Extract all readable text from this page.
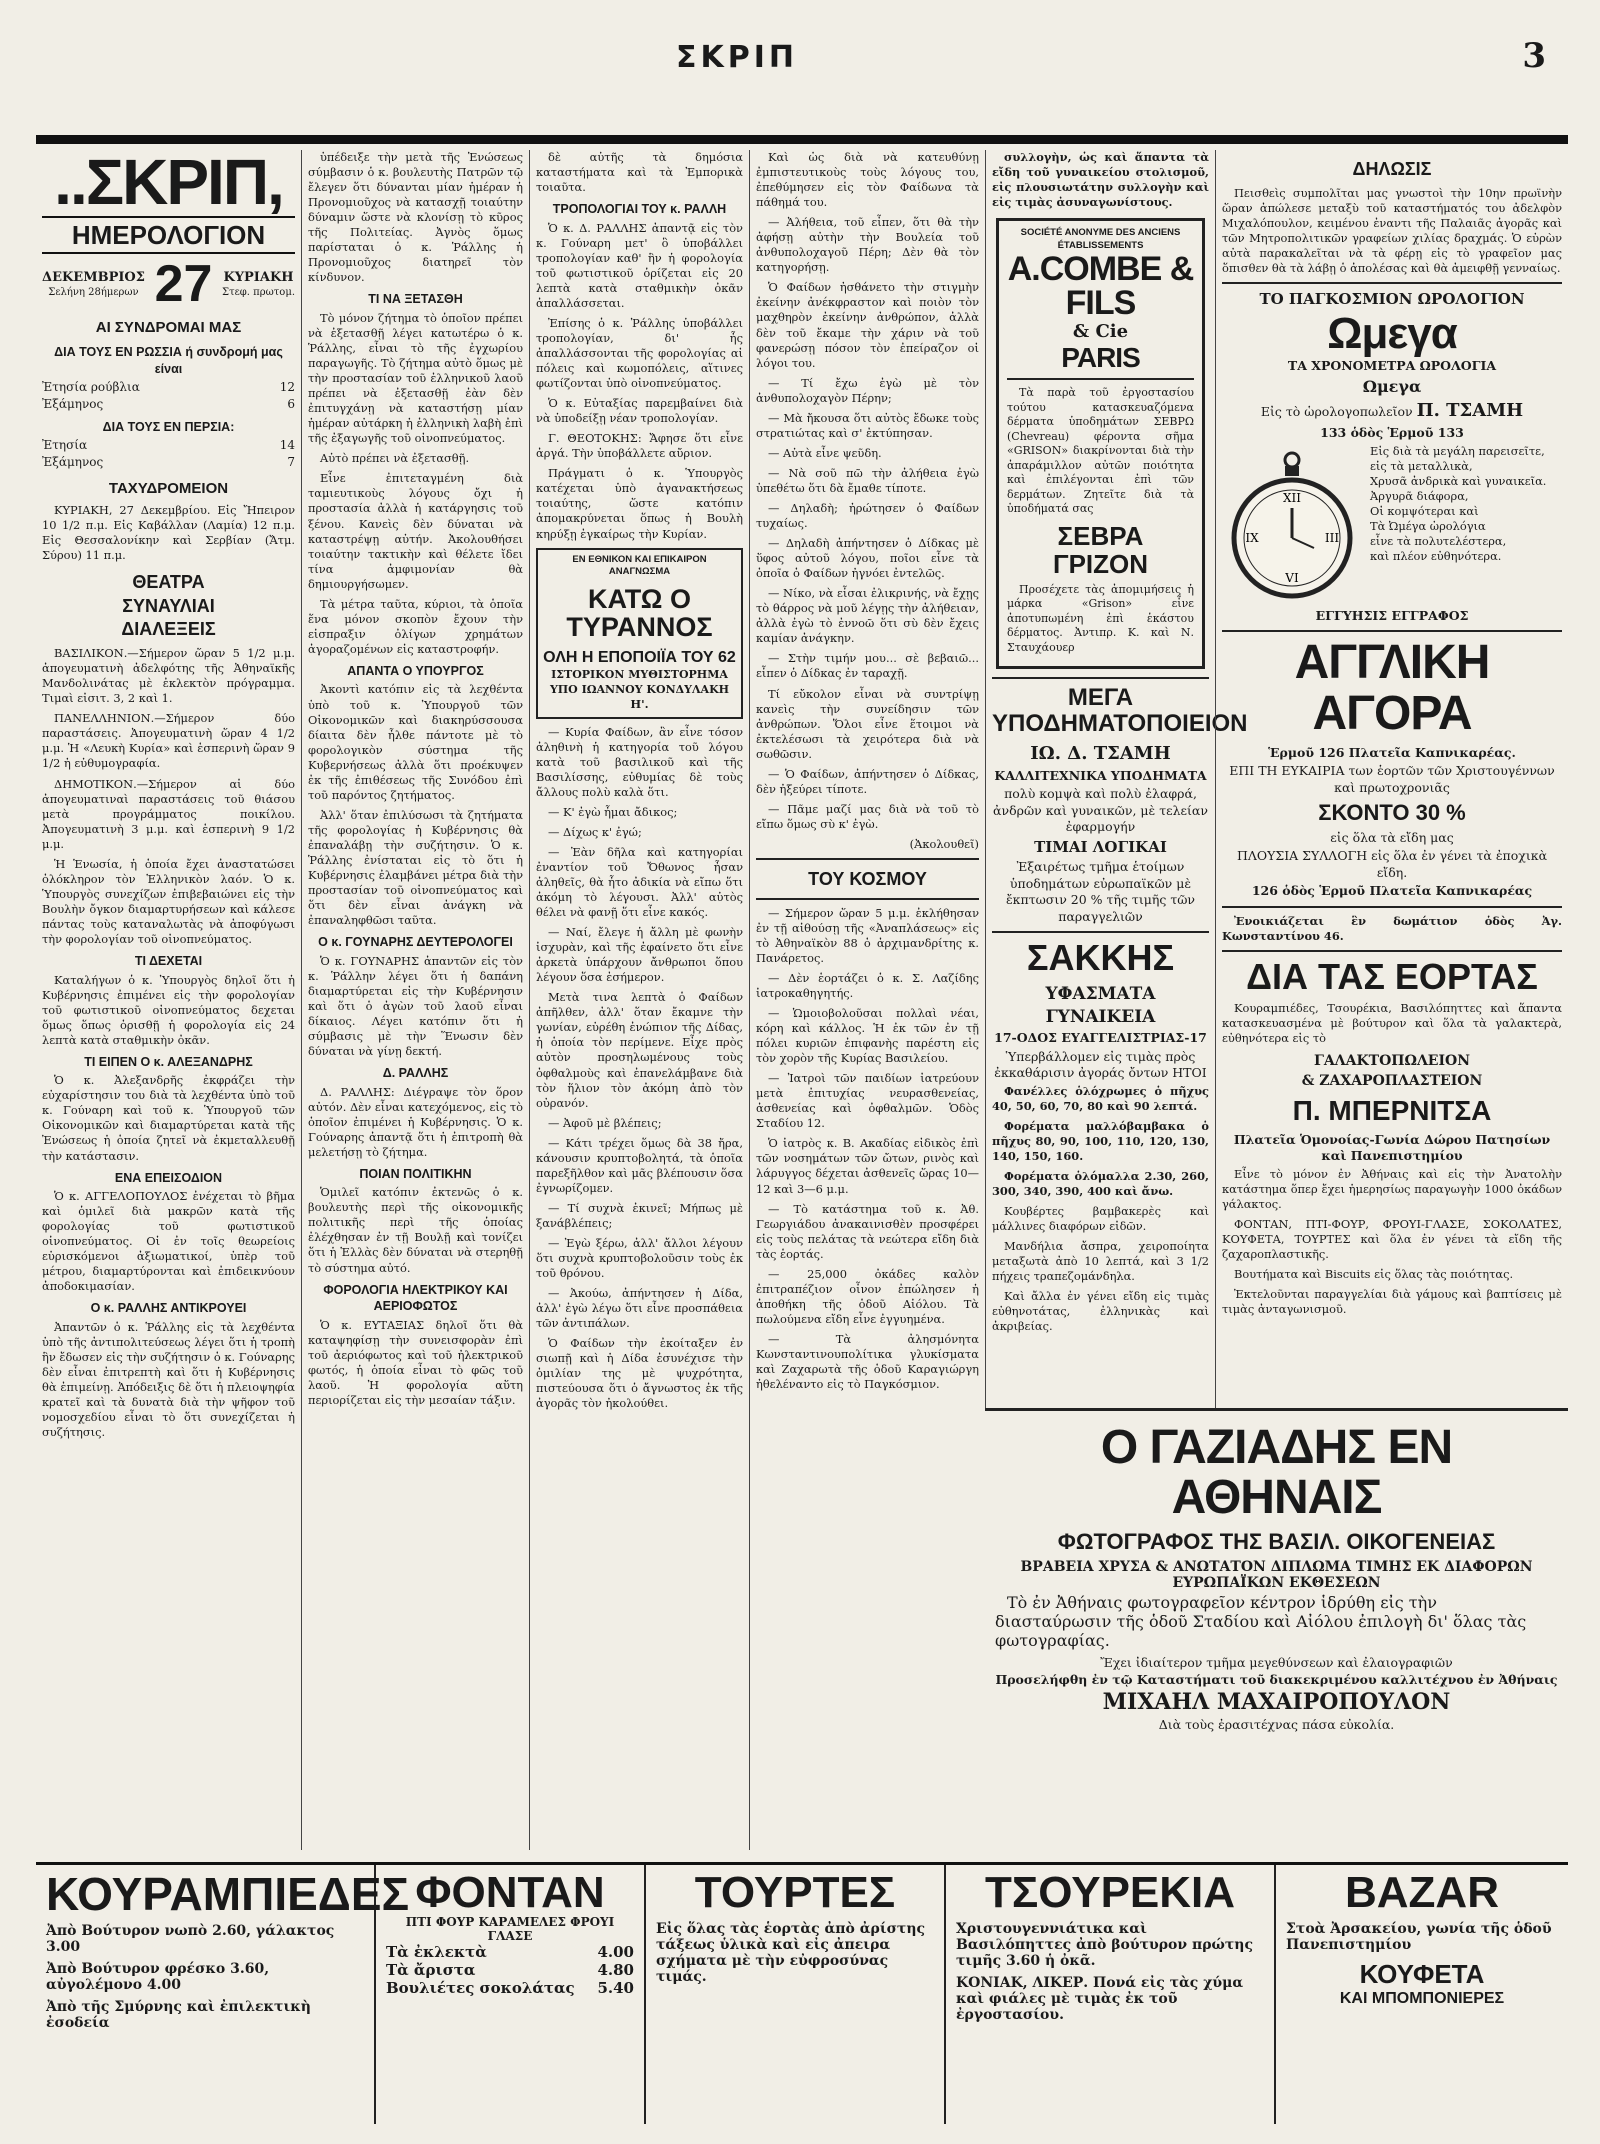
ΣΚΡΙΠ	3
..ΣΚΡΙΠ,
ΗΜΕΡΟΛΟΓΙΟΝ
ΔΕΚΕΜΒΡΙΟΣ
Σελήνη 28ήμερων 27 ΚΥΡΙΑΚΗ
Στεφ. πρωτομ.
ΑΙ ΣΥΝΔΡΟΜΑΙ ΜΑΣ
ΔΙΑ ΤΟΥΣ ΕΝ ΡΩΣΣΙΑ ή συνδρομή μας είναι
Ἐτησία ρούβλια	12
Ἐξάμηνος	6
ΔΙΑ ΤΟΥΣ ΕΝ ΠΕΡΣΙΑ:
Ἐτησία	14
Ἐξάμηνος	7
ΤΑΧΥΔΡΟΜΕΙΟΝ

ΚΥΡΙΑΚΗ, 27 Δεκεμβρίου. Εἰς Ἤπειρον 10 1/2 π.μ. Εἰς Καβάλλαν (Λαμία) 12 π.μ. Εἰς Θεσσαλονίκην καὶ Σερβίαν (Ἄτμ. Σύρου) 11 π.μ.

ΘΕΑΤΡΑ
ΣΥΝΑΥΛΙΑΙ
ΔΙΑΛΕΞΕΙΣ

ΒΑΣΙΛΙΚΟΝ.—Σήμερον ὥραν 5 1/2 μ.μ. ἀπογευματινὴ ἀδελφότης τῆς Ἀθηναϊκῆς Μανδολινάτας μὲ ἐκλεκτὸν πρόγραμμα. Τιμαὶ εἰσιτ. 3, 2 καὶ 1.

ΠΑΝΕΛΛΗΝΙΟΝ.—Σήμερον δύο παραστάσεις. Ἀπογευματινὴ ὥραν 4 1/2 μ.μ. Ἡ «Λευκὴ Κυρία» καὶ ἑσπερινὴ ὥραν 9 1/2 ἡ εὐθυμογραφία.

ΔΗΜΟΤΙΚΟΝ.—Σήμερον αἱ δύο ἀπογευματιναὶ παραστάσεις τοῦ θιάσου μετὰ προγράμματος ποικίλου. Ἀπογευματινὴ 3 μ.μ. καὶ ἑσπερινὴ 9 1/2 μ.μ.

Ἡ Ἑνωσία, ἡ ὁποία ἔχει ἀναστατώσει ὁλόκληρον τὸν Ἑλληνικὸν λαόν. Ὁ κ. Ὑπουργὸς συνεχίζων ἐπιβεβαιώνει εἰς τὴν Βουλὴν ὄγκον διαμαρτυρήσεων καὶ κάλεσε πάντας τοὺς καταναλωτὰς νὰ ἀποφύγωσι τὴν φορολογίαν τοῦ οἰνοπνεύματος.

ΤΙ ΔΕΧΕΤΑΙ

Καταλήγων ὁ κ. Ὑπουργὸς δηλοῖ ὅτι ἡ Κυβέρνησις ἐπιμένει εἰς τὴν φορολογίαν τοῦ φωτιστικοῦ οἰνοπνεύματος δεχεται ὅμως ὅπως ὁρισθῇ ἡ φορολογία εἰς 24 λεπτὰ κατὰ σταθμικὴν ὀκᾶν.

ΤΙ ΕΙΠΕΝ Ο κ. ΑΛΕΞΑΝΔΡΗΣ

Ὁ κ. Ἀλεξανδρῆς ἐκφράζει τὴν εὐχαρίστησιν του διὰ τὰ λεχθέντα ὑπὸ τοῦ κ. Γούναρη καὶ τοῦ κ. Ὑπουργοῦ τῶν Οἰκονομικῶν καὶ διαμαρτύρεται κατὰ τῆς Ἐνώσεως ἡ ὁποία ζητεῖ νὰ ἐκμεταλλευθῇ τὴν κατάστασιν.

ΕΝΑ ΕΠΕΙΣΟΔΙΟΝ

Ὁ κ. ΑΓΓΕΛΟΠΟΥΛΟΣ ἐνέχεται τὸ βῆμα καὶ ὁμιλεῖ διὰ μακρῶν κατὰ τῆς φορολογίας τοῦ φωτιστικοῦ οἰνοπνεύματος. Οἱ ἐν τοῖς θεωρείοις εὑρισκόμενοι ἀξιωματικοί, ὑπὲρ τοῦ μέτρου, διαμαρτύρονται καὶ ἐπιδεικνύουν ἀποδοκιμασίαν.

Ο κ. ΡΑΛΛΗΣ ΑΝΤΙΚΡΟΥΕΙ

Ἀπαντῶν ὁ κ. Ῥάλλης εἰς τὰ λεχθέντα ὑπὸ τῆς ἀντιπολιτεύσεως λέγει ὅτι ἡ τροπὴ ἣν ἔδωσεν εἰς τὴν συζήτησιν ὁ κ. Γούναρης δὲν εἶναι ἐπιτρεπτὴ καὶ ὅτι ἡ Κυβέρνησις θὰ ἐπιμείνῃ. Ἀπόδειξις δὲ ὅτι ἡ πλειοψηφία κρατεῖ καὶ τὰ δυνατὰ διὰ τὴν ψῆφον τοῦ νομοσχεδίου εἶναι τὸ ὅτι συνεχίζεται ἡ συζήτησις.

ὑπέδειξε τὴν μετὰ τῆς Ἑνώσεως σύμβασιν ὁ κ. βουλευτὴς Πατρῶν τῷ ἔλεγεν ὅτι δύνανται μίαν ἡμέραν ἡ Προνομιοῦχος νὰ κατασχῇ τοιαύτην δύναμιν ὥστε νὰ κλονίσῃ τὸ κῦρος τῆς Πολιτείας. Ἀγνὸς ὅμως παρίσταται ὁ κ. Ῥάλλης ἡ Προνομιοῦχος διατηρεῖ τὸν κίνδυνον.

ΤΙ ΝΑ ΞΕΤΑΣΘΗ

Τὸ μόνον ζήτημα τὸ ὁποῖον πρέπει νὰ ἐξετασθῇ λέγει κατωτέρω ὁ κ. Ῥάλλης, εἶναι τὸ τῆς ἐγχωρίου παραγωγῆς. Τὸ ζήτημα αὐτὸ ὅμως μὲ τὴν προστασίαν τοῦ ἐλληνικοῦ λαοῦ πρέπει νὰ ἐξετασθῇ ἐὰν δὲν ἐπιτυγχάνῃ νὰ καταστήσῃ μίαν ἡμέραν αὐτάρκη ἡ ἑλληνικὴ λαβὴ ἐπὶ τῆς ἐξαγωγῆς τοῦ οἰνοπνεύματος.

Αὐτὸ πρέπει νὰ ἐξετασθῇ.

Εἶνε ἐπιτεταγμένη διὰ ταμιευτικοὺς λόγους ὄχι ἡ προστασία ἀλλὰ ἡ κατάργησις τοῦ ξένου. Κανεὶς δὲν δύναται νὰ καταστρέψῃ αὐτήν. Ἀκολουθήσει τοιαύτην τακτικὴν καὶ θέλετε ἴδει τίνα ἀμφιμονίαν θὰ δημιουργήσωμεν.

Τὰ μέτρα ταῦτα, κύριοι, τὰ ὁποῖα ἕνα μόνον σκοπὸν ἔχουν τὴν εἰσπραξιν ὀλίγων χρημάτων ἀγοραζομένων εἰς καταστροφήν.

ΑΠΑΝΤΑ Ο ΥΠΟΥΡΓΟΣ

Ἀκοντὶ κατόπιν εἰς τὰ λεχθέντα ὑπὸ τοῦ κ. Ὑπουργοῦ τῶν Οἰκονομικῶν καὶ διακηρύσσουσα δίαιτα δὲν ἦλθε πάντοτε μὲ τὸ φορολογικὸν σύστημα τῆς Κυβερνήσεως ἀλλὰ ὅτι προέκυψεν ἐκ τῆς ἐπιθέσεως τῆς Συνόδου ἐπὶ τοῦ παρόντος ζητήματος.

Ἀλλ' ὅταν ἐπιλύσωσι τὰ ζητήματα τῆς φορολογίας ἡ Κυβέρνησις θὰ ἐπαναλάβῃ τὴν συζήτησιν. Ὁ κ. Ῥάλλης ἐνίσταται εἰς τὸ ὅτι ἡ Κυβέρνησις ἐλαμβάνει μέτρα διὰ τὴν προστασίαν τοῦ οἰνοπνεύματος καὶ ὅτι δὲν εἶναι ἀνάγκη νὰ ἐπαναληφθῶσι ταῦτα.

Ο κ. ΓΟΥΝΑΡΗΣ ΔΕΥΤΕΡΟΛΟΓΕΙ

Ὁ κ. ΓΟΥΝΑΡΗΣ ἀπαντῶν εἰς τὸν κ. Ῥάλλην λέγει ὅτι ἡ δαπάνη διαμαρτύρεται εἰς τὴν Κυβέρνησιν καὶ ὅτι ὁ ἀγὼν τοῦ λαοῦ εἶναι δίκαιος. Λέγει κατόπιν ὅτι ἡ σύμβασις μὲ τὴν Ἕνωσιν δὲν δύναται νὰ γίνῃ δεκτή.

Δ. ΡΑΛΛΗΣ

Δ. ΡΑΛΛΗΣ: Διέγραψε τὸν ὅρον αὐτόν. Δὲν εἶναι κατεχόμενος, εἰς τὸ ὁποῖον ἐπιμένει ἡ Κυβέρνησις. Ὁ κ. Γούναρης ἀπαντᾷ ὅτι ἡ ἐπιτροπὴ θὰ μελετήσῃ τὸ ζήτημα.

ΠΟΙΑΝ ΠΟΛΙΤΙΚΗΝ

Ὁμιλεῖ κατόπιν ἐκτενῶς ὁ κ. βουλευτὴς περὶ τῆς οἰκονομικῆς πολιτικῆς περὶ τῆς ὁποίας ἐλέχθησαν ἐν τῇ Βουλῇ καὶ τονίζει ὅτι ἡ Ἑλλὰς δὲν δύναται νὰ στερηθῇ τὸ σύστημα αὐτό.

ΦΟΡΟΛΟΓΙΑ ΗΛΕΚΤΡΙΚΟΥ ΚΑΙ ΑΕΡΙΟΦΩΤΟΣ

Ὁ κ. ΕΥΤΑΞΙΑΣ δηλοῖ ὅτι θὰ καταψηφίσῃ τὴν συνεισφορὰν ἐπὶ τοῦ ἀεριόφωτος καὶ τοῦ ἠλεκτρικοῦ φωτός, ἡ ὁποία εἶναι τὸ φῶς τοῦ λαοῦ. Ἡ φορολογία αὕτη περιορίζεται εἰς τὴν μεσαίαν τάξιν.

δὲ αὐτῆς τὰ δημόσια καταστήματα καὶ τὰ Ἐμπορικὰ τοιαῦτα.

ΤΡΟΠΟΛΟΓΙΑΙ ΤΟΥ κ. ΡΑΛΛΗ

Ὁ κ. Δ. ΡΑΛΛΗΣ ἀπαντᾷ εἰς τὸν κ. Γούναρη μετ' ὃ ὑποβάλλει τροπολογίαν καθ' ἣν ἡ φορολογία τοῦ φωτιστικοῦ ὁρίζεται εἰς 20 λεπτὰ κατὰ σταθμικὴν ὀκᾶν ἀπαλλάσσεται.

Ἐπίσης ὁ κ. Ῥάλλης ὑποβάλλει τροπολογίαν, δι' ἧς ἀπαλλάσσονται τῆς φορολογίας αἱ πόλεις καὶ κωμοπόλεις, αἵτινες φωτίζονται ὑπὸ οἰνοπνεύματος.

Ὁ κ. Εὐταξίας παρεμβαίνει διὰ νὰ ὑποδείξῃ νέαν τροπολογίαν.

Γ. ΘΕΟΤΟΚΗΣ: Ἄφησε ὅτι εἶνε ἀργά. Τὴν ὑποβάλλετε αὔριον.

Πράγματι ὁ κ. Ὑπουργὸς κατέχεται ὑπὸ ἀγανακτήσεως τοιαύτης, ὥστε κατόπιν ἀπομακρύνεται ὅπως ἡ Βουλὴ κηρύξῃ ἐγκαίρως τὴν Κυρίαν.

ΕΝ ΕΘΝΙΚΟΝ ΚΑΙ ΕΠΙΚΑΙΡΟΝ ΑΝΑΓΝΩΣΜΑ
ΚΑΤΩ Ο ΤΥΡΑΝΝΟΣ
ΟΛΗ Η ΕΠΟΠΟΙΪΑ ΤΟΥ 62
ΙΣΤΟΡΙΚΟΝ ΜΥΘΙΣΤΟΡΗΜΑ ΥΠΟ ΙΩΑΝΝΟΥ ΚΟΝΔΥΛΑΚΗ
Η'.

— Κυρία Φαίδων, ἂν εἶνε τόσον ἀληθινὴ ἡ κατηγορία τοῦ λόγου κατὰ τοῦ βασιλικοῦ καὶ τῆς Βασιλίσσης, εὐθυμίας δὲ τοὺς ἄλλους πολὺ καλὰ ὅτι.

— Κ' ἐγὼ ἦμαι ἄδικος;

— Δίχως κ' ἐγώ;

— Ἐὰν δῆλα καὶ κατηγορίαι ἐναντίον τοῦ Ὄθωνος ἦσαν ἀληθεῖς, θὰ ἦτο ἀδικία νὰ εἴπω ὅτι ἀκόμη τὸ λέγουσι. Ἀλλ' αὐτὸς θέλει νὰ φανῇ ὅτι εἶνε κακός.

— Ναί, ἔλεγε ἡ ἄλλη μὲ φωνὴν ἰσχυρὰν, καὶ τῆς ἐφαίνετο ὅτι εἶνε ἀρκετὰ ὑπάρχουν ἄνθρωποι ὅπου λέγουν ὅσα ἐσήμερον.

Μετὰ τινα λεπτὰ ὁ Φαίδων ἀπῆλθεν, ἀλλ' ὅταν ἔκαμνε τὴν γωνίαν, εὑρέθη ἐνώπιον τῆς Δίδας, ἡ ὁποία τὸν περίμενε. Εἶχε πρὸς αὐτὸν προσηλωμένους τοὺς ὀφθαλμοὺς καὶ ἐπανελάμβανε διὰ τὸν ἥλιον τὸν ἀκόμη ἀπὸ τὸν οὐρανόν.

— Ἀφοῦ μὲ βλέπεις;

— Κάτι τρέχει ὅμως δὰ 38 ἤρα, κάνουσιν κρυπτοβολητά, τὰ ὁποῖα παρεξῆλθον καὶ μᾶς βλέπουσιν ὅσα ἐγνωρίζομεν.

— Τί συχνὰ ἐκινεῖ; Μήπως μὲ ξανάβλέπεις;

— Ἐγὼ ξέρω, ἀλλ' ἄλλοι λέγουν ὅτι συχνὰ κρυπτοβολοῦσιν τοὺς ἐκ τοῦ θρόνου.

— Ἀκούω, ἀπήντησεν ἡ Δίδα, ἀλλ' ἐγὼ λέγω ὅτι εἶνε προσπάθεια τῶν ἀντιπάλων.

Ὁ Φαίδων τὴν ἐκοίταξεν ἐν σιωπῇ καὶ ἡ Δίδα ἐσυνέχισε τὴν ὁμιλίαν της μὲ ψυχρότητα, πιστεύουσα ὅτι ὁ ἄγνωστος ἐκ τῆς ἀγορᾶς τὸν ἠκολούθει.

Καὶ ὡς διὰ νὰ κατευθύνῃ ἐμπιστευτικοὺς τοὺς λόγους του, ἐπεθύμησεν εἰς τὸν Φαίδωνα τὰ πάθημά του.

— Ἀλήθεια, τοῦ εἶπεν, ὅτι θὰ τὴν ἀφήσῃ αὐτὴν τὴν Βουλεία τοῦ ἀνθυπολοχαγοῦ Πέρη; Δὲν θὰ τὸν κατηγορήσῃ.

Ὁ Φαίδων ἠσθάνετο τὴν στιγμὴν ἐκείνην ἀνέκφραστον καὶ ποιὸν τὸν μαχθηρὸν ἐκείνην ἀνθρώπον, ἀλλὰ δὲν τοῦ ἔκαμε τὴν χάριν νὰ τοῦ φανερώσῃ πόσον τὸν ἐπείραζον οἱ λόγοι του.

— Τί ἔχω ἐγὼ μὲ τὸν ἀνθυπολοχαγὸν Πέρην;

— Μὰ ἤκουσα ὅτι αὐτὸς ἔδωκε τοὺς στρατιώτας καὶ σ' ἐκτύπησαν.

— Αὐτὰ εἶνε ψεῦδη.

— Νὰ σοῦ πῶ τὴν ἀλήθεια ἐγὼ ὑπεθέτω ὅτι δὰ ἔμαθε τίποτε.

— Δηλαδὴ; ἠρώτησεν ὁ Φαίδων τυχαίως.

— Δηλαδὴ ἀπήντησεν ὁ Δίδκας μὲ ὕφος αὐτοῦ λόγου, ποῖοι εἶνε τὰ ὁποῖα ὁ Φαίδων ἠγνόει ἐντελῶς.

— Νίκο, νὰ εἶσαι ἐλικρινής, νὰ ἔχῃς τὸ θάρρος νὰ μοῦ λέγῃς τὴν ἀλήθειαν, ἀλλὰ ἐγὼ τὸ ἐννοῶ ὅτι σὺ δὲν ἔχεις καμίαν ἀνάγκην.

— Στὴν τιμήν μου... σὲ βεβαιῶ... εἶπεν ὁ Δίδκας ἐν ταραχῇ.

Τί εὔκολον εἶναι νὰ συντρίψῃ κανεὶς τὴν συνείδησιν τῶν ἀνθρώπων. Ὅλοι εἶνε ἕτοιμοι νὰ ἐκτελέσωσι τὰ χειρότερα διὰ νὰ σωθῶσιν.

— Ὁ Φαίδων, ἀπήντησεν ὁ Δίδκας, δὲν ἠξεύρει τίποτε.

— Πᾶμε μαζί μας διὰ νὰ τοῦ τὸ εἴπω ὅμως σὺ κ' ἐγὼ.

(Ἀκολουθεῖ)

ΤΟΥ ΚΟΣΜΟΥ

— Σήμερον ὥραν 5 μ.μ. ἐκλήθησαν ἐν τῇ αἰθούσῃ τῆς «Ἀναπλάσεως» εἰς τὸ Ἀθηναϊκὸν 88 ὁ ἀρχιμανδρίτης κ. Πανάρετος.

— Δὲν ἑορτάζει ὁ κ. Σ. Λαζίδης ἰατροκαθηγητής.

— Ὡμοιοβολοῦσαι πολλαὶ νέαι, κόρη καὶ κάλλος. Ἡ ἐκ τῶν ἐν τῇ πόλει κυριῶν ἐπιφανὴς παρέστη εἰς τὸν χορὸν τῆς Κυρίας Βασιλείου.

— Ἰατροὶ τῶν παιδίων ἰατρεύουν μετὰ ἐπιτυχίας νευρασθενείας, ἀσθενείας καὶ ὀφθαλμῶν. Ὁδὸς Σταδίου 12.

Ὁ ἰατρὸς κ. Β. Ακαδίας εἰδικὸς ἐπὶ τῶν νοσημάτων τῶν ὤτων, ρινὸς καὶ λάρυγγος δέχεται ἀσθενεῖς ὥρας 10—12 καὶ 3—6 μ.μ.

— Τὸ κατάστημα τοῦ κ. Ἀθ. Γεωργιάδου ἀνακαινισθὲν προσφέρει εἰς τοὺς πελάτας τὰ νεώτερα εἴδη διὰ τὰς ἑορτάς.

— 25,000 ὀκάδες καλὸν ἐπιτραπέζιον οἶνον ἐπώλησεν ἡ ἀποθήκη τῆς ὁδοῦ Αἰόλου. Τὰ πωλούμενα εἴδη εἶνε ἐγγυημένα.

— Τὰ ἀλησμόνητα Κωνσταντινουπολίτικα γλυκίσματα καὶ Ζαχαρωτὰ τῆς ὁδοῦ Καραγιώργη ἠθελέναντο εἰς τὸ Παγκόσμιον.

συλλογὴν, ὡς καὶ ἅπαντα τὰ εἴδη τοῦ γυναικείου στολισμοῦ, εἰς πλουσιωτάτην συλλογὴν καὶ εἰς τιμὰς ἀσυναγωνίστους.

SOCIÉTÉ ANONYME DES ANCIENS ÉTABLISSEMENTS
A.COMBE & FILS
& Cie
PARIS

Τὰ παρὰ τοῦ ἐργοστασίου τούτου κατασκευαζόμενα δέρματα ὑποδημάτων ΣΕΒΡΩ (Chevreau) φέροντα σῆμα «GRISON» διακρίνονται διὰ τὴν ἀπαράμιλλον αὐτῶν ποιότητα καὶ ἐπιλέγονται ἐπὶ τῶν δερμάτων. Ζητεῖτε διὰ τὰ ὑποδήματά σας

ΣΕΒΡΑ ΓΡΙΖΟΝ

Προσέχετε τὰς ἀπομιμήσεις ἡ μάρκα «Grison» εἶνε ἀποτυπωμένη ἐπὶ ἑκάστου δέρματος. Ἀντιπρ. Κ. καὶ Ν. Σταυχάουερ

ΜΕΓΑ ΥΠΟΔΗΜΑΤΟΠΟΙΕΙΟΝ
ΙΩ. Δ. ΤΣΑΜΗ
ΚΑΛΛΙΤΕΧΝΙΚΑ ΥΠΟΔΗΜΑΤΑ
πολὺ κομψὰ καὶ πολὺ ἐλαφρά, ἀνδρῶν καὶ γυναικῶν, μὲ τελείαν ἐφαρμογήν
ΤΙΜΑΙ ΛΟΓΙΚΑΙ
Ἐξαιρέτως τμῆμα ἑτοίμων ὑποδημάτων εὐρωπαϊκῶν μὲ ἔκπτωσιν 20 % τῆς τιμῆς τῶν παραγγελιῶν
ΣΑΚΚΗΣ
ΥΦΑΣΜΑΤΑ ΓΥΝΑΙΚΕΙΑ
17-ΟΔΟΣ ΕΥΑΓΓΕΛΙΣΤΡΙΑΣ-17
Ὑπερβάλλομεν εἰς τιμὰς πρὸς ἐκκαθάρισιν ἀγοράς ὄντων ΗΤΟΙ

Φανέλλες ὁλόχρωμες ὁ πῆχυς 40, 50, 60, 70, 80 καὶ 90 λεπτά.

Φορέματα μαλλόβαμβακα ὁ πῆχυς 80, 90, 100, 110, 120, 130, 140, 150, 160.

Φορέματα ὁλόμαλλα 2.30, 260, 300, 340, 390, 400 καὶ ἄνω.

Κουβέρτες βαμβακερὲς καὶ μάλλινες διαφόρων εἰδῶν.

Μανδήλια ἄσπρα, χειροποίητα μεταξωτὰ ἀπὸ 10 λεπτά, καὶ 3 1/2 πήχεις τραπεζομάνδηλα.

Καὶ ἄλλα ἐν γένει εἴδη εἰς τιμὰς εὐθηνοτάτας, ἐλληνικὰς καὶ ἀκριβείας.

ΔΗΛΩΣΙΣ

Πεισθεὶς συμπολῖται μας γνωστοὶ τὴν 10ην πρωϊνὴν ὥραν ἀπώλεσε μεταξὺ τοῦ καταστήματός του ἀδελφὸν Μιχαλόπουλον, κειμένου ἐναντι τῆς Παλαιᾶς ἀγορᾶς καὶ τῶν Μητροπολιτικῶν γραφείων χιλίας δραχμάς. Ὁ εὑρὼν αὐτὰ παρακαλεῖται νὰ τὰ φέρῃ εἰς τὸ γραφεῖον μας ὅπισθεν θὰ τὰ λάβῃ ὁ ἀπολέσας καὶ θὰ ἀμειφθῇ γενναίως.

ΤΟ ΠΑΓΚΟΣΜΙΟΝ ΩΡΟΛΟΓΙΟΝ
Ωμεγα
ΤΑ ΧΡΟΝΟΜΕΤΡΑ ΩΡΟΛΟΓΙΑ
Ωμεγα
Εἰς τὸ ὡρολογοπωλεῖον Π. ΤΣΑΜΗ
133 ὁδὸς Ἑρμοῦ 133
XII
III
VI
IX
Εἰς διὰ τὰ μεγάλη παρεισεῖτε,
εἰς τὰ μεταλλικὰ,
Χρυσᾶ ἀνδρικὰ καὶ γυναικεῖα.
Ἀργυρᾶ διάφορα,
Οἱ κομψότεραι καὶ
Τὰ Ὠμέγα ὡρολόγια
εἶνε τὰ πολυτελέστερα,
καὶ πλέον εὐθηνότερα.
ΕΓΓΥΗΣΙΣ ΕΓΓΡΑΦΟΣ
ΑΓΓΛΙΚΗ ΑΓΟΡΑ
Ἑρμοῦ 126 Πλατεῖα Καπνικαρέας.
ΕΠΙ ΤΗ ΕΥΚΑΙΡΙΑ των ἑορτῶν τῶν Χριστουγέννων καὶ πρωτοχρονιᾶς
ΣΚΟΝΤΟ 30 %
εἰς ὅλα τὰ εἴδη μας
ΠΛΟΥΣΙΑ ΣΥΛΛΟΓΗ εἰς ὅλα ἐν γένει τὰ ἐποχικὰ εἴδη.
126 ὁδὸς Ἑρμοῦ Πλατεῖα Καπνικαρέας

Ἐνοικιάζεται ἓν δωμάτιον ὁδὸς Ἀγ. Κωνσταντίνου 46.

ΔΙΑ ΤΑΣ ΕΟΡΤΑΣ

Κουραμπιέδες, Τσουρέκια, Βασιλόπηττες καὶ ἅπαντα κατασκευασμένα μὲ βούτυρον καὶ ὅλα τὰ γαλακτερὰ, εὐθηνότερα εἰς τὸ

ΓΑΛΑΚΤΟΠΩΛΕΙΟΝ
& ΖΑΧΑΡΟΠΛΑΣΤΕΙΟΝ
Π. ΜΠΕΡΝΙΤΣΑ
Πλατεῖα Ὁμονοίας-Γωνία Δώρου Πατησίων καὶ Πανεπιστημίου

Εἶνε τὸ μόνον ἐν Ἀθήναις καὶ εἰς τὴν Ἀνατολὴν κατάστημα ὅπερ ἔχει ἡμερησίως παραγωγὴν 1000 ὀκάδων γάλακτος.

ΦΟΝΤΑΝ, ΠΤΙ-ΦΟΥΡ, ΦΡΟΥΙ-ΓΛΑΣΕ, ΣΟΚΟΛΑΤΕΣ, ΚΟΥΦΕΤΑ, ΤΟΥΡΤΕΣ καὶ ὅλα ἐν γένει τὰ εἴδη τῆς ζαχαροπλαστικῆς.

Βουτήματα καὶ Biscuits εἰς ὅλας τὰς ποιότητας.

Ἐκτελοῦνται παραγγελίαι διὰ γάμους καὶ βαπτίσεις μὲ τιμὰς ἀνταγωνισμοῦ.

Ο ΓΑΖΙΑΔΗΣ ΕΝ ΑΘΗΝΑΙΣ
ΦΩΤΟΓΡΑΦΟΣ ΤΗΣ ΒΑΣΙΛ. ΟΙΚΟΓΕΝΕΙΑΣ
ΒΡΑΒΕΙΑ ΧΡΥΣΑ & ΑΝΩΤΑΤΟΝ ΔΙΠΛΩΜΑ ΤΙΜΗΣ ΕΚ ΔΙΑΦΟΡΩΝ ΕΥΡΩΠΑΪΚΩΝ ΕΚΘΕΣΕΩΝ

Τὸ ἐν Ἀθήναις φωτογραφεῖον κέντρον ἱδρύθη εἰς τὴν διασταύρωσιν τῆς ὁδοῦ Σταδίου καὶ Αἰόλου ἐπιλογὴ δι' ὅλας τὰς φωτογραφίας.

Ἔχει ἰδιαίτερον τμῆμα μεγεθύνσεων καὶ ἐλαιογραφιῶν
Προσελήφθη ἐν τῷ Καταστήματι τοῦ διακεκριμένου καλλιτέχνου ἐν Ἀθήναις
ΜΙΧΑΗΛ ΜΑΧΑΙΡΟΠΟΥΛΟΝ
Διὰ τοὺς ἐρασιτέχνας πάσα εὐκολία.
ΚΟΥΡΑΜΠΙΕΔΕΣ
Ἀπὸ Βούτυρον νωπὸ 2.60, γάλακτος 3.00
Ἀπὸ Βούτυρον φρέσκο 3.60, αὐγολέμονο 4.00
Ἀπὸ τῆς Σμύρνης καὶ ἐπιλεκτικὴ ἐσοδεία
ΦΟΝΤΑΝ
ΠΤΙ ΦΟΥΡ ΚΑΡΑΜΕΛΕΣ ΦΡΟΥΙ ΓΛΑΣΕ
Τὰ ἐκλεκτὰ	4.00
Τὰ ἄριστα	4.80
Βουλιέτες σοκολάτας 5.40
ΤΟΥΡΤΕΣ
Εἰς ὅλας τὰς ἑορτὰς ἀπὸ ἀρίστης τάξεως ὑλικὰ καὶ εἰς ἀπειρα σχήματα μὲ τὴν εὐφροσύνας τιμάς.
ΤΣΟΥΡΕΚΙΑ
Χριστουγεννιάτικα καὶ Βασιλόπηττες ἀπὸ βούτυρον πρώτης τιμῆς 3.60 ἡ ὀκᾶ.
ΚΟΝΙΑΚ, ΛΙΚΕΡ. Πονά εἰς τὰς χύμα καὶ φιάλες μὲ τιμὰς ἐκ τοῦ ἐργοστασίου.
BAZAR
Στοὰ Ἀρσακείου, γωνία τῆς ὁδοῦ Πανεπιστημίου
ΚΟΥΦΕΤΑ
ΚΑΙ ΜΠΟΜΠΟΝΙΕΡΕΣ
